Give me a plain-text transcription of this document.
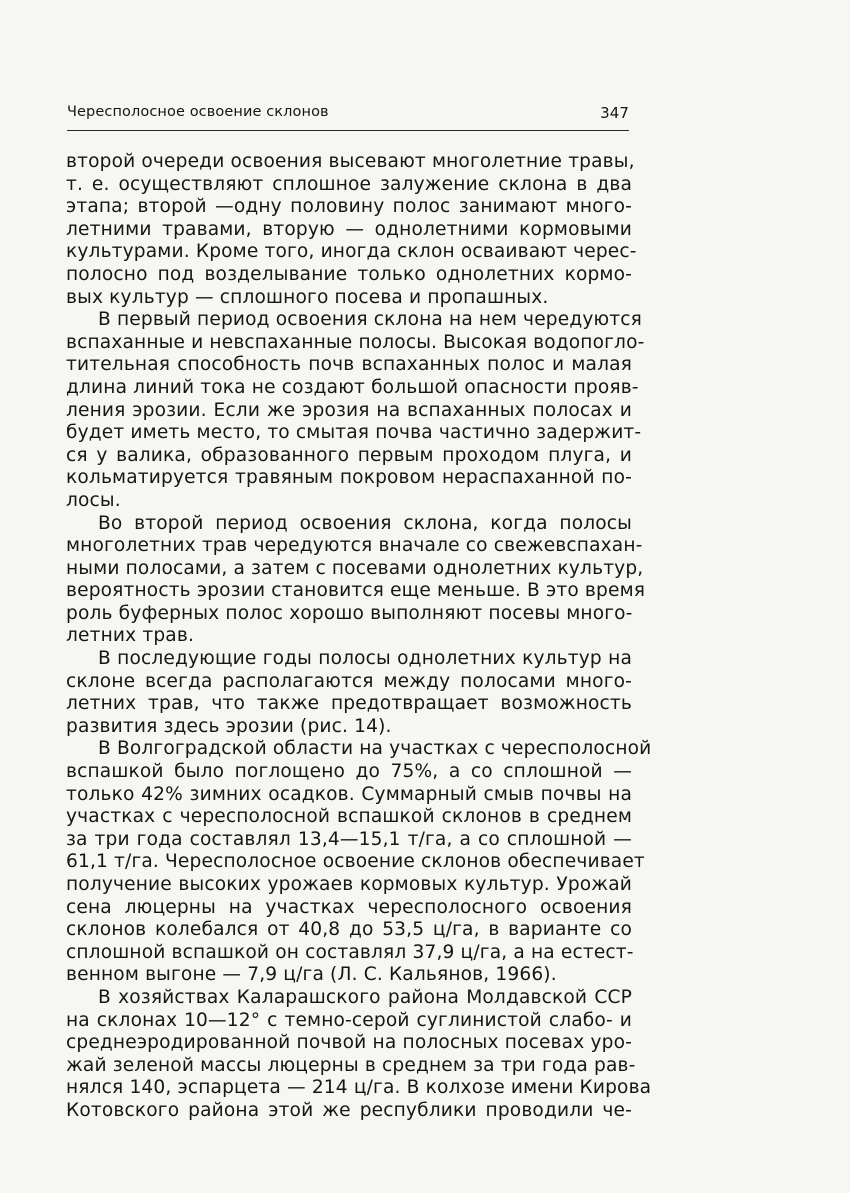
Чересполосное освоение склонов	347
второй очереди освоения высевают многолетние травы,
т. е. осуществляют сплошное залужение склона в два
этапа; второй —одну половину полос занимают много-
летними травами, вторую — однолетними кормовыми
культурами. Кроме того, иногда склон осваивают черес-
полосно под возделывание только однолетних кормо-
вых культур — сплошного посева и пропашных.
В первый период освоения склона на нем чередуются
вспаханные и невспаханные полосы. Высокая водопогло-
тительная способность почв вспаханных полос и малая
длина линий тока не создают большой опасности прояв-
ления эрозии. Если же эрозия на вспаханных полосах и
будет иметь место, то смытая почва частично задержит-
ся у валика, образованного первым проходом плуга, и
кольматируется травяным покровом нераспаханной по-
лосы.
Во второй период освоения склона, когда полосы
многолетних трав чередуются вначале со свежевспахан-
ными полосами, а затем с посевами однолетних культур,
вероятность эрозии становится еще меньше. В это время
роль буферных полос хорошо выполняют посевы много-
летних трав.
В последующие годы полосы однолетних культур на
склоне всегда располагаются между полосами много-
летних трав, что также предотвращает возможность
развития здесь эрозии (рис. 14).
В Волгоградской области на участках с чересполосной
вспашкой было поглощено до 75%, а со сплошной —
только 42% зимних осадков. Суммарный смыв почвы на
участках с чересполосной вспашкой склонов в среднем
за три года составлял 13,4—15,1 т/га, а со сплошной —
61,1 т/га. Чересполосное освоение склонов обеспечивает
получение высоких урожаев кормовых культур. Урожай
сена люцерны на участках чересполосного освоения
склонов колебался от 40,8 до 53,5 ц/га, в варианте со
сплошной вспашкой он составлял 37,9 ц/га, а на естест-
венном выгоне — 7,9 ц/га (Л. С. Кальянов, 1966).
В хозяйствах Каларашского района Молдавской ССР
на склонах 10—12° с темно-серой суглинистой слабо- и
среднеэродированной почвой на полосных посевах уро-
жай зеленой массы люцерны в среднем за три года рав-
нялся 140, эспарцета — 214 ц/га. В колхозе имени Кирова
Котовского района этой же республики проводили че-
